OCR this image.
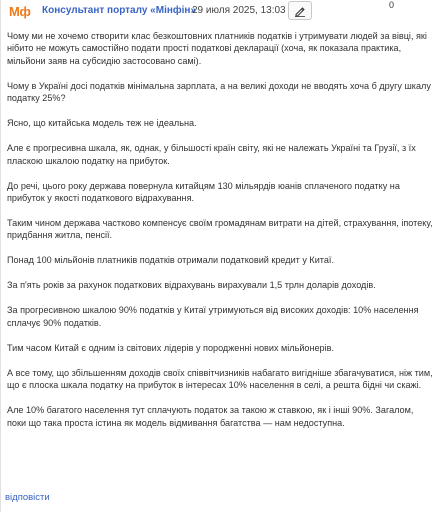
Мф Консультант порталу «Мінфін»
29 июля 2025, 13:03	0

Чому ми не хочемо створити клас безкоштовних платників податків і утримувати людей за вівці, які нібито не можуть самостійно подати прості податкові декларації (хоча, як показала практика, мільйони заяв на субсидію застосовано самі).

Чому в Україні досі податків мінімальна зарплата, а на великі доходи не вводять хоча б другу шкалу податку 25%?

Ясно, що китайська модель теж не ідеальна.

Але є прогресивна шкала, як, однак, у більшості країн світу, які не належать Україні та Грузії, з їх плаcкою шкалою податку на прибуток.

До речі, цього року держава повернула китайцям 130 мільярдів юанів сплаченого податку на прибуток у якості податкового відрахування.

Таким чином держава частково компенсує своїм громадянам витрати на дітей, страхування, іпотеку, придбання житла, пенсії.

Понад 100 мільйонів платників податків отримали податковий кредит у Китаї.

За п'ять років за рахунок податкових відрахувань вирахували 1,5 трлн доларів доходів.

За прогресивною шкалою 90% податків у Китаї утримуються від високих доходів: 10% населення сплачує 90% податків.

Тим часом Китай є одним із світових лідерів у породженні нових мільйонерів.

А все тому, що збільшенням доходів своїх співвітчизників набагато вигідніше збагачуватися, ніж тим, що є плоска шкала податку на прибуток в інтересах 10% населення в селі, а решта бідні чи скажі.

Але 10% багатого населення тут сплачують податок за такою ж ставкою, як і інші 90%. Загалом, поки що така проста істина як модель відмивання багатства — нам недоступна.

відповісти
